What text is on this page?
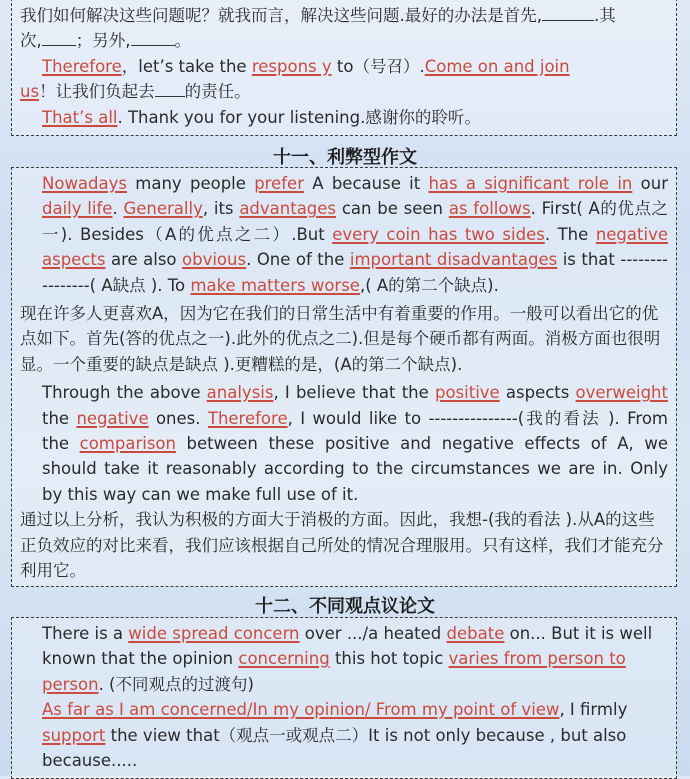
我们如何解决这些问题呢？就我而言，解决这些问题.最好的办法是首先,	.其
次, ；另外,	。

Therefore，let’s take the respons y to（号召）.Come on and join

us！让我们负起去 的责任。

That’s all. Thank you for your listening.感谢你的聆听。

十一、利弊型作文

Nowadays many people prefer A because it has a significant role in our daily life. Generally, its advantages can be seen as follows. First( A的优点之一). Besides（A的优点之二）.But every coin has two sides. The negative aspects are also obvious. One of the important disadvantages is that ----------------( A缺点 ). To make matters worse,( A的第二个缺点).

现在许多人更喜欢A，因为它在我们的日常生活中有着重要的作用。一般可以看出它的优点如下。首先(答的优点之一).此外的优点之二).但是每个硬币都有两面。消极方面也很明显。一个重要的缺点是缺点 ).更糟糕的是，(A的第二个缺点).

Through the above analysis, I believe that the positive aspects overweight the negative ones. Therefore, I would like to ---------------(我的看法 ). From the comparison between these positive and negative effects of A, we should take it reasonably according to the circumstances we are in. Only by this way can we make full use of it.

通过以上分析，我认为积极的方面大于消极的方面。因此，我想-(我的看法 ).从A的这些正负效应的对比来看，我们应该根据自己所处的情况合理服用。只有这样，我们才能充分利用它。

十二、不同观点议论文

There is a wide spread concern over .../a heated debate on... But it is well known that the opinion concerning this hot topic varies from person to person. (不同观点的过渡句)

As far as I am concerned/In my opinion/ From my point of view, I firmly support the view that（观点一或观点二）It is not only because , but also because.....
